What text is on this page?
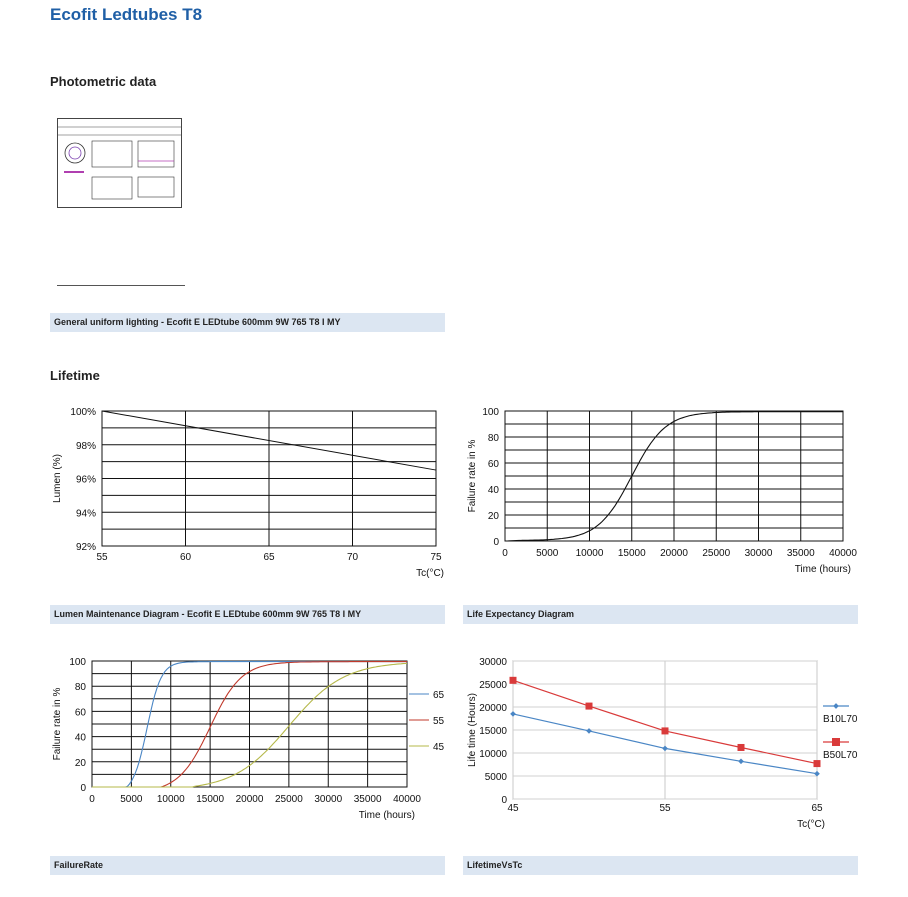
Ecofit Ledtubes T8
Photometric data
General uniform lighting - Ecofit E LEDtube 600mm 9W 765 T8 I MY
Lifetime
55	60	65	70	75
92%
94%
96%
98%
100%
Lumen (%)
Tc(°C)
0	5000 10000 15000 20000 25000 30000 35000 40000
0
20
40
60
80
100
Failure rate in %
Time (hours)
Lumen Maintenance Diagram - Ecofit E LEDtube 600mm 9W 765 T8 I MY	Life Expectancy Diagram
0	5000 10000 15000 20000 25000 30000 35000 40000
0
20
40
60
80
100
Failure rate in %
Time (hours)
65
55
45
45	55	65
0
5000
10000
15000
20000
25000
30000
Life time (Hours)
Tc(°C)
B10L70
B50L70
FailureRate	LifetimeVsTc
